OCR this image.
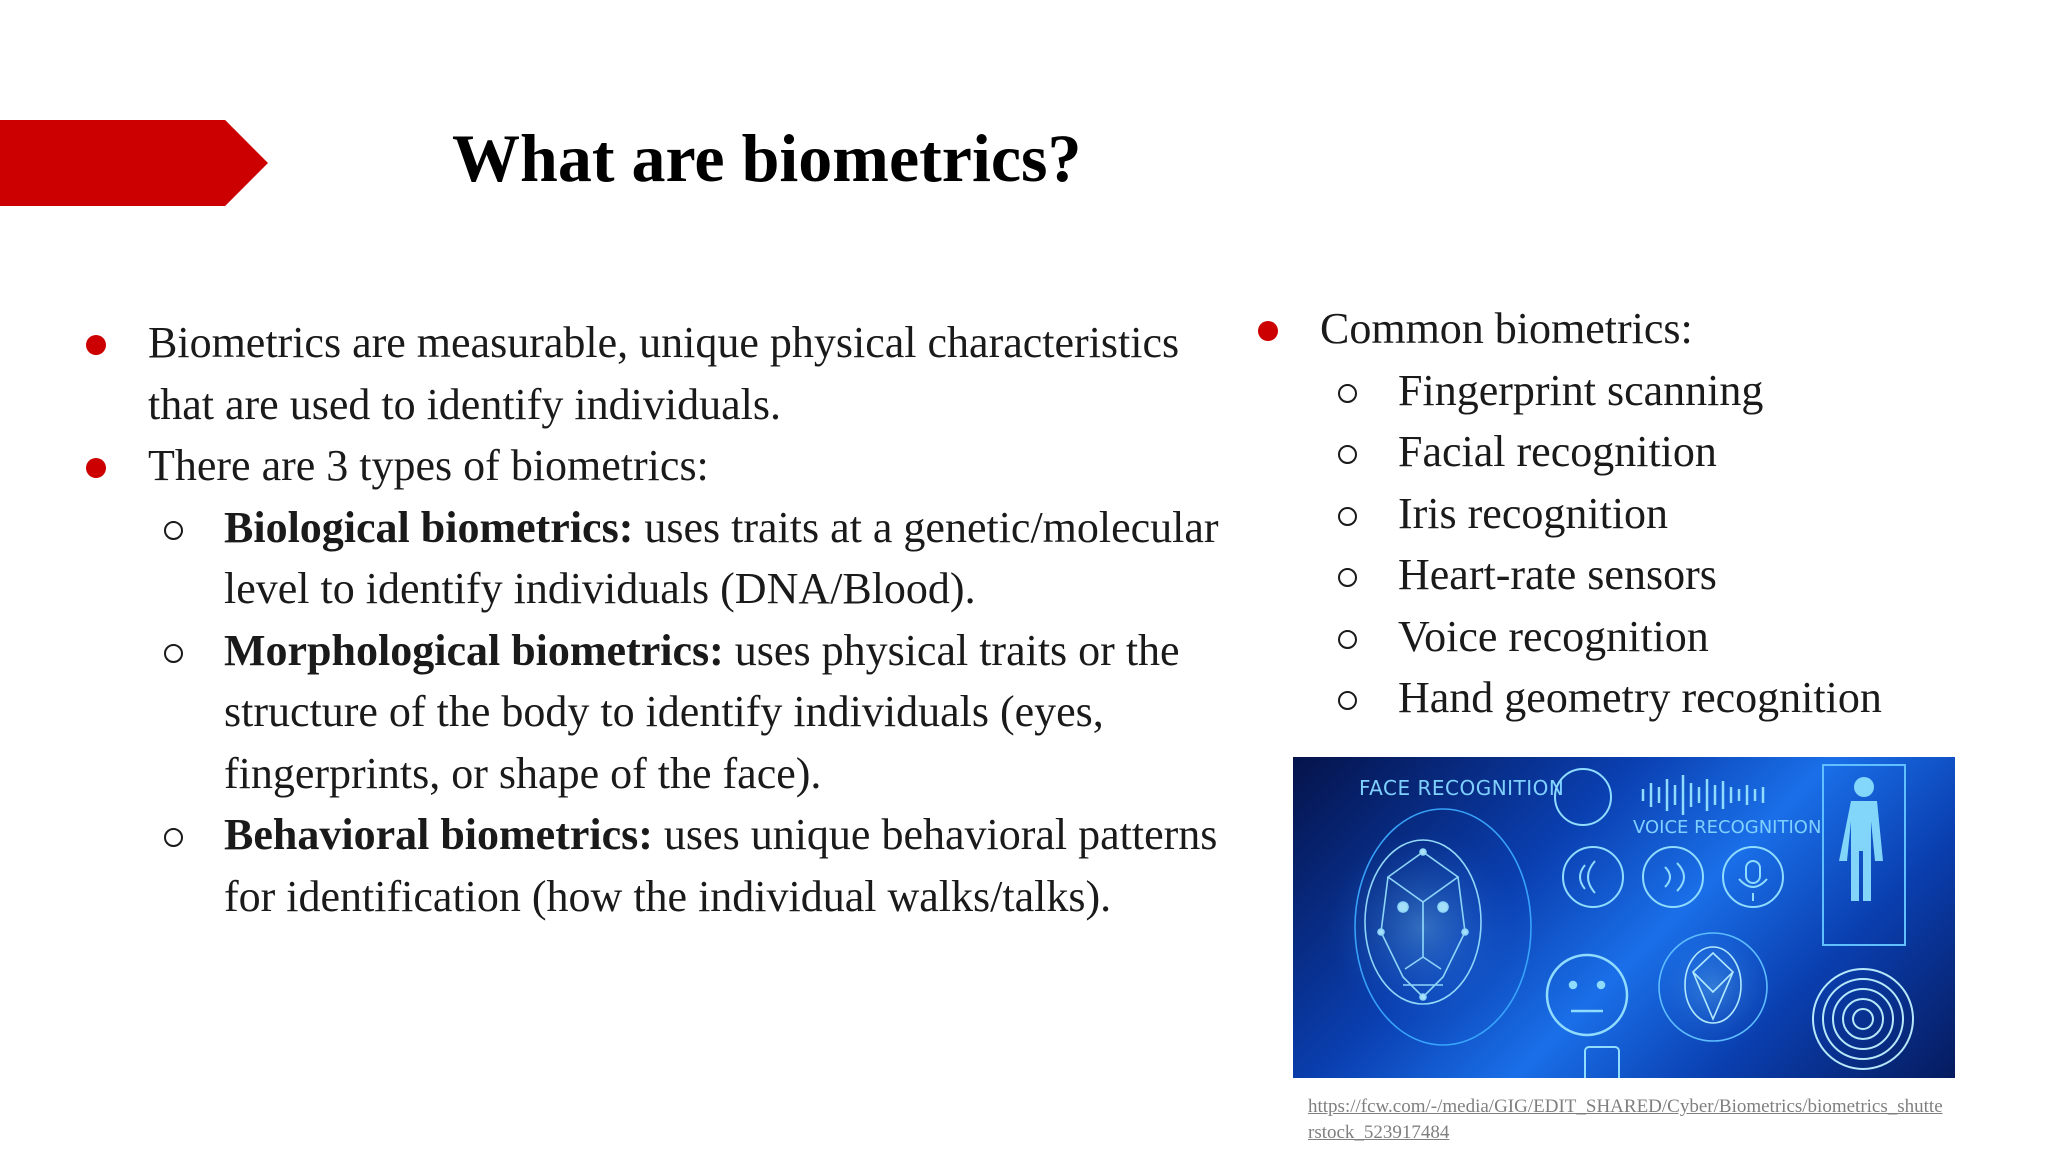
What are biometrics?
Biometrics are measurable, unique physical characteristics that are used to identify individuals.
There are 3 types of biometrics:
Biological biometrics: uses traits at a genetic/molecular level to identify individuals (DNA/Blood).
Morphological biometrics: uses physical traits or the structure of the body to identify individuals (eyes, fingerprints, or shape of the face).
Behavioral biometrics: uses unique behavioral patterns for identification (how the individual walks/talks).
Common biometrics:
Fingerprint scanning
Facial recognition
Iris recognition
Heart-rate sensors
Voice recognition
Hand geometry recognition
FACE RECOGNITION
VOICE RECOGNITION
https://fcw.com/-/media/GIG/EDIT_SHARED/Cyber/Biometrics/biometrics_shutterstock_523917484
